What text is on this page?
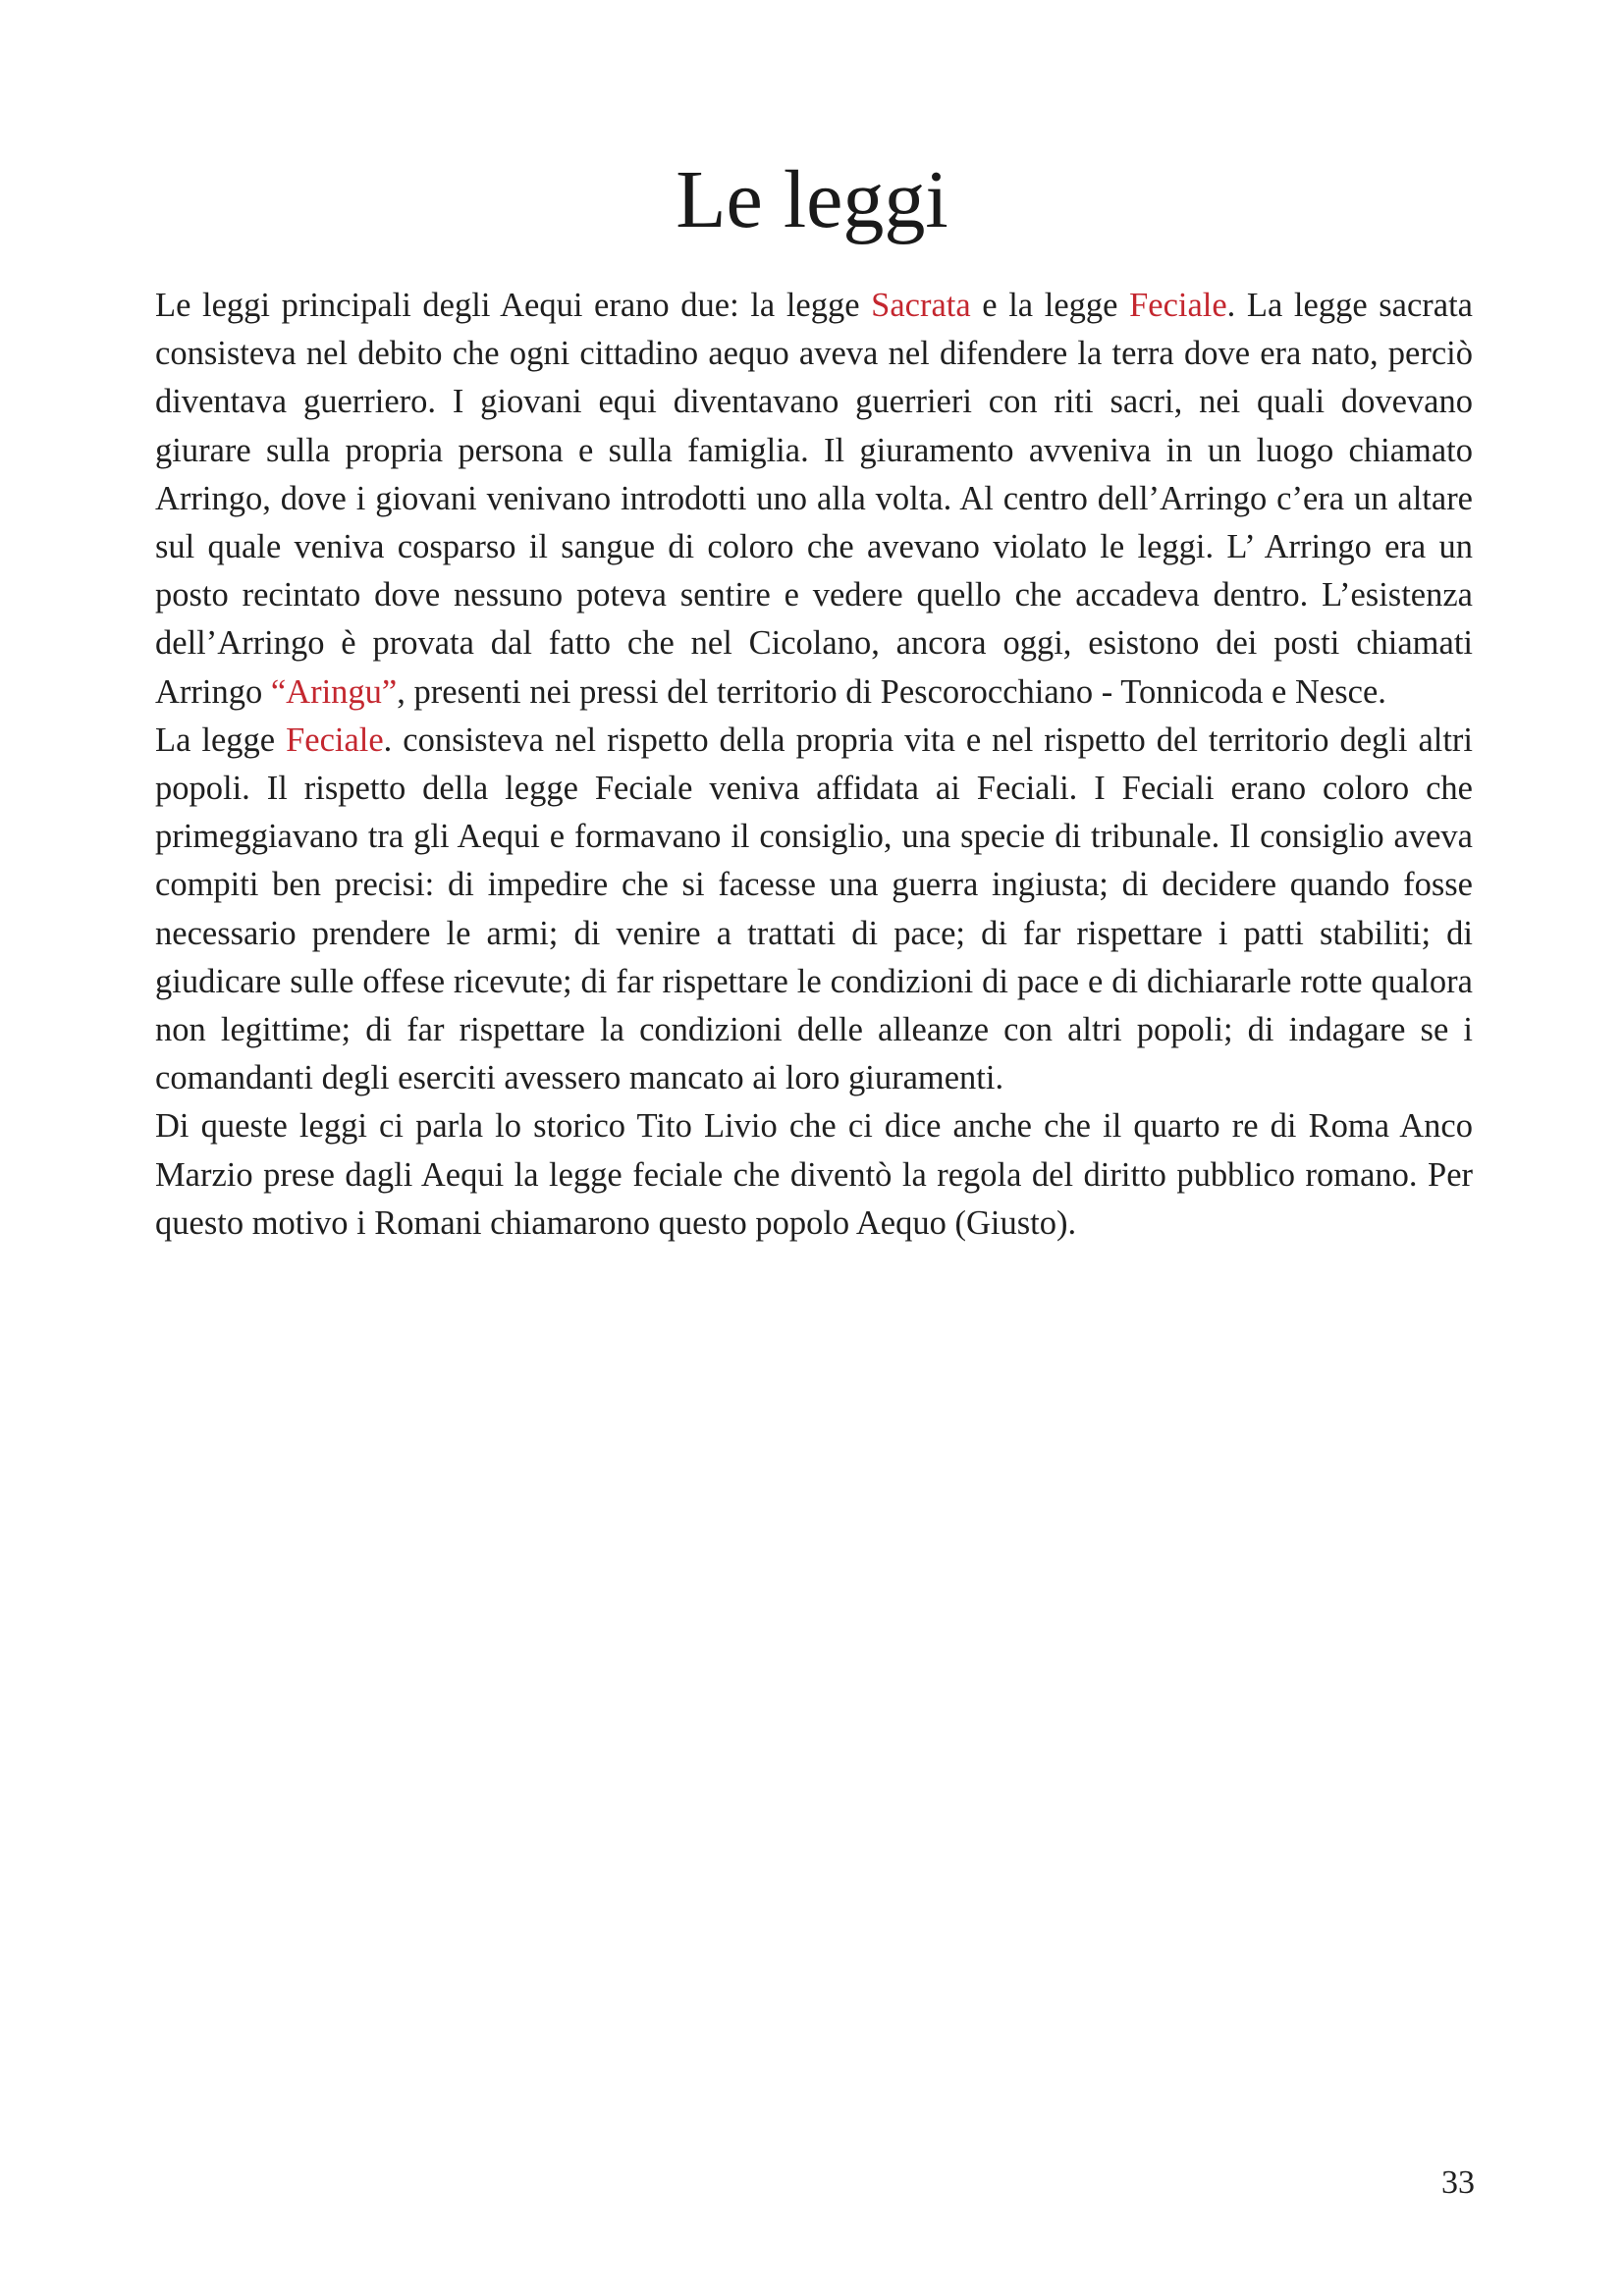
Le leggi

Le leggi principali degli Aequi erano due: la legge Sacrata e la legge Feciale. La legge sacrata consisteva nel debito che ogni cittadino aequo aveva nel difendere la terra dove era nato, perciò diventava guerriero. I giovani equi diventavano guerrieri con riti sacri, nei quali dovevano giurare sulla propria persona e sulla famiglia. Il giuramento avveniva in un luogo chiamato Arringo, dove i giovani venivano introdotti uno alla volta. Al centro dell’Arringo c’era un altare sul quale veniva cosparso il sangue di coloro che avevano violato le leggi. L’ Arringo era un posto recintato dove nessuno poteva sentire e vedere quello che accadeva dentro. L’esistenza dell’Arringo è provata dal fatto che nel Cicolano, ancora oggi, esistono dei posti chiamati Arringo “Aringu”, presenti nei pressi del territorio di Pescorocchiano - Tonnicoda e Nesce.

La legge Feciale. consisteva nel rispetto della propria vita e nel rispetto del territorio degli altri popoli. Il rispetto della legge Feciale veniva affidata ai Feciali. I Feciali erano coloro che primeggiavano tra gli Aequi e formavano il consiglio, una specie di tribunale. Il consiglio aveva compiti ben precisi: di impedire che si facesse una guerra ingiusta; di decidere quando fosse necessario prendere le armi; di venire a trattati di pace; di far rispettare i patti stabiliti; di giudicare sulle offese ricevute; di far rispettare le condizioni di pace e di dichiararle rotte qualora non legittime; di far rispettare la condizioni delle alleanze con altri popoli; di indagare se i comandanti degli eserciti avessero mancato ai loro giuramenti.

Di queste leggi ci parla lo storico Tito Livio che ci dice anche che il quarto re di Roma Anco Marzio prese dagli Aequi la legge feciale che diventò la regola del diritto pubblico romano. Per questo motivo i Romani chiamarono questo popolo Aequo (Giusto).

33
